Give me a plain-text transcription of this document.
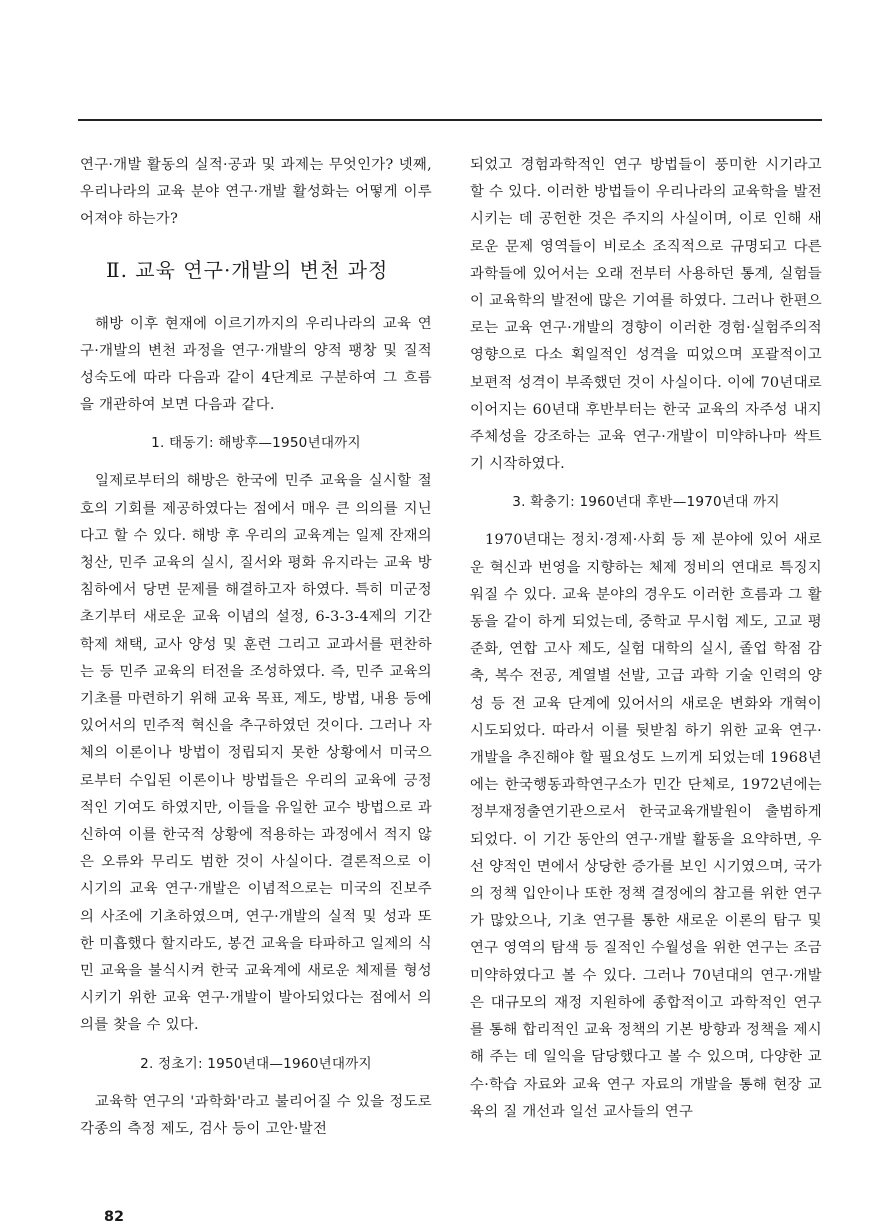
연구·개발 활동의 실적·공과 및 과제는 무엇인가? 넷째, 우리나라의 교육 분야 연구·개발 활성화는 어떻게 이루어져야 하는가?

Ⅱ. 교육 연구·개발의 변천 과정

해방 이후 현재에 이르기까지의 우리나라의 교육 연구·개발의 변천 과정을 연구·개발의 양적 팽창 및 질적 성숙도에 따라 다음과 같이 4단계로 구분하여 그 흐름을 개관하여 보면 다음과 같다.

1. 태동기: 해방후—1950년대까지

일제로부터의 해방은 한국에 민주 교육을 실시할 절호의 기회를 제공하였다는 점에서 매우 큰 의의를 지닌다고 할 수 있다. 해방 후 우리의 교육계는 일제 잔재의 청산, 민주 교육의 실시, 질서와 평화 유지라는 교육 방침하에서 당면 문제를 해결하고자 하였다. 특히 미군정 초기부터 새로운 교육 이념의 설정, 6-3-3-4제의 기간 학제 채택, 교사 양성 및 훈련 그리고 교과서를 편찬하는 등 민주 교육의 터전을 조성하였다. 즉, 민주 교육의 기초를 마련하기 위해 교육 목표, 제도, 방법, 내용 등에 있어서의 민주적 혁신을 추구하였던 것이다. 그러나 자체의 이론이나 방법이 정립되지 못한 상황에서 미국으로부터 수입된 이론이나 방법들은 우리의 교육에 긍정적인 기여도 하였지만, 이들을 유일한 교수 방법으로 과신하여 이를 한국적 상황에 적용하는 과정에서 적지 않은 오류와 무리도 범한 것이 사실이다. 결론적으로 이 시기의 교육 연구·개발은 이념적으로는 미국의 진보주의 사조에 기초하였으며, 연구·개발의 실적 및 성과 또한 미흡했다 할지라도, 봉건 교육을 타파하고 일제의 식민 교육을 불식시켜 한국 교육계에 새로운 체제를 형성시키기 위한 교육 연구·개발이 발아되었다는 점에서 의의를 찾을 수 있다.

2. 정초기: 1950년대—1960년대까지

교육학 연구의 '과학화'라고 불리어질 수 있을 정도로 각종의 측정 제도, 검사 등이 고안·발전

되었고 경험과학적인 연구 방법들이 풍미한 시기라고 할 수 있다. 이러한 방법들이 우리나라의 교육학을 발전시키는 데 공헌한 것은 주지의 사실이며, 이로 인해 새로운 문제 영역들이 비로소 조직적으로 규명되고 다른 과학들에 있어서는 오래 전부터 사용하던 통계, 실험들이 교육학의 발전에 많은 기여를 하였다. 그러나 한편으로는 교육 연구·개발의 경향이 이러한 경험·실험주의적 영향으로 다소 획일적인 성격을 띠었으며 포괄적이고 보편적 성격이 부족했던 것이 사실이다. 이에 70년대로 이어지는 60년대 후반부터는 한국 교육의 자주성 내지 주체성을 강조하는 교육 연구·개발이 미약하나마 싹트기 시작하였다.

3. 확충기: 1960년대 후반—1970년대 까지

1970년대는 정치·경제·사회 등 제 분야에 있어 새로운 혁신과 번영을 지향하는 체제 정비의 연대로 특징지워질 수 있다. 교육 분야의 경우도 이러한 흐름과 그 활동을 같이 하게 되었는데, 중학교 무시험 제도, 고교 평준화, 연합 고사 제도, 실험 대학의 실시, 졸업 학점 감축, 복수 전공, 계열별 선발, 고급 과학 기술 인력의 양성 등 전 교육 단계에 있어서의 새로운 변화와 개혁이 시도되었다. 따라서 이를 뒷받침 하기 위한 교육 연구·개발을 추진해야 할 필요성도 느끼게 되었는데 1968년에는 한국행동과학연구소가 민간 단체로, 1972년에는 정부재정출연기관으로서 한국교육개발원이 출범하게 되었다. 이 기간 동안의 연구·개발 활동을 요약하면, 우선 양적인 면에서 상당한 증가를 보인 시기였으며, 국가의 정책 입안이나 또한 정책 결정에의 참고를 위한 연구가 많았으나, 기초 연구를 통한 새로운 이론의 탐구 및 연구 영역의 탐색 등 질적인 수월성을 위한 연구는 조금 미약하였다고 볼 수 있다. 그러나 70년대의 연구·개발은 대규모의 재정 지원하에 종합적이고 과학적인 연구를 통해 합리적인 교육 정책의 기본 방향과 정책을 제시해 주는 데 일익을 담당했다고 볼 수 있으며, 다양한 교수·학습 자료와 교육 연구 자료의 개발을 통해 현장 교육의 질 개선과 일선 교사들의 연구

82
